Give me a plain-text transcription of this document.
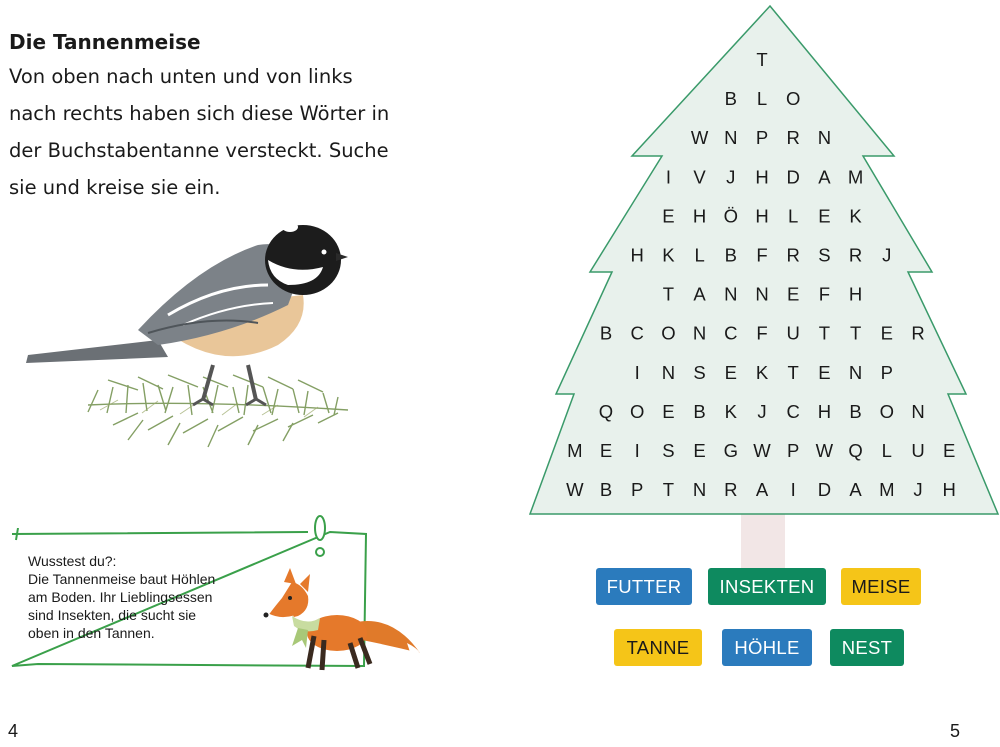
Die Tannenmeise

Von oben nach unten und von links
nach rechts haben sich diese Wörter in
der Buchstabentanne versteckt. Suche
sie und kreise sie ein.

Wusstest du?:
Die Tannenmeise baut Höhlen
am Boden. Ihr Lieblingsessen
sind Insekten, die sucht sie
oben in den Tannen.

4	5
T
B L O
W N P R N
I V J H D A M
E H Ö H L E K
H K L B F R S R J
T A N N E F H
B C O N C F U T T E R
I N S E K T E N P
Q O E B K J C H B O N
M E I S E G W P W Q L U E
W B P T N R A I D A M J H
FUTTER	INSEKTEN	MEISE
TANNE	HÖHLE	NEST
